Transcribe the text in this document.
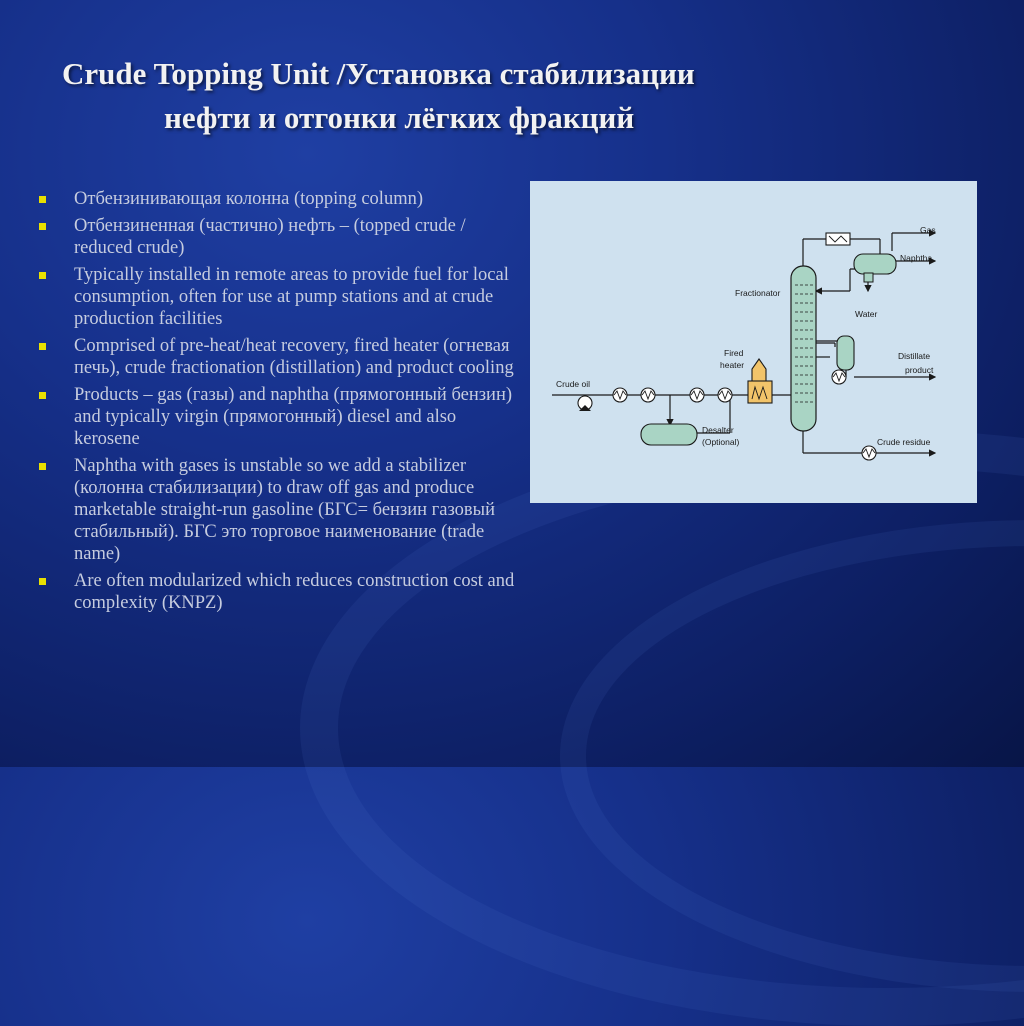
Crude Topping Unit /Установка стабилизации
нефти и отгонки лёгких фракций
Отбензинивающая колонна (topping column)
Отбензиненная (частично) нефть – (topped crude / reduced crude)
Typically installed in remote areas to provide fuel for local consumption, often for use at pump stations and at crude production facilities
Comprised of pre-heat/heat recovery, fired heater (огневая печь), crude fractionation (distillation) and product cooling
Products – gas (газы) and naphtha (прямогонный бензин) and typically virgin (прямогонный) diesel and also kerosene
Naphtha with gases is unstable so we add a stabilizer (колонна стабилизации) to draw off gas and produce marketable straight-run gasoline (БГС= бензин газовый стабильный). БГС это торговое наименование (trade name)
Are often modularized which reduces construction cost and complexity (KNPZ)
Gas
Naphtha
Fractionator
Water
Fired
heater
Distillate
product
Crude oil
Desalter
(Optional)	Crude residue
